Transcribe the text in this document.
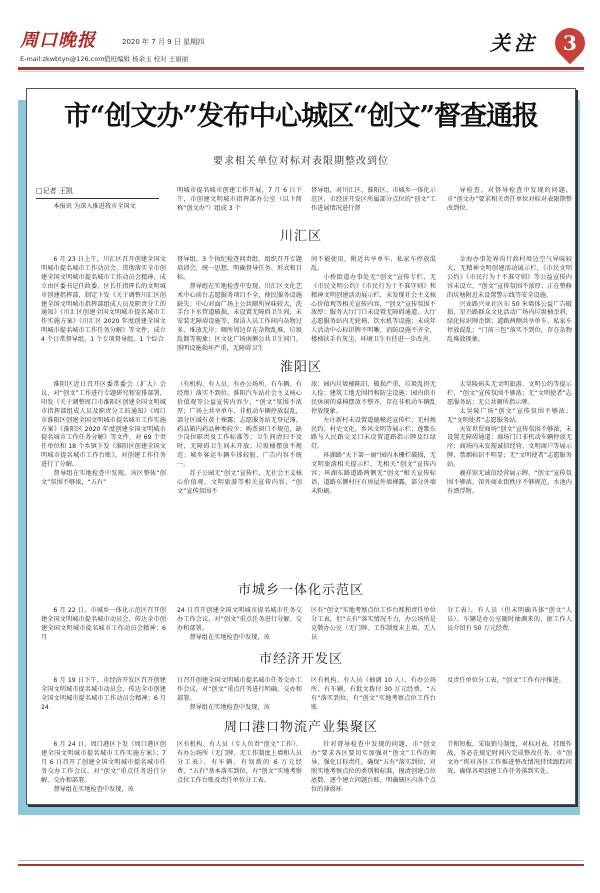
周口晚报	2020 年 7 月 9 日 星期四
E-mail:zkwbtyn@126.com 值班编辑 杨余玉 校对 王丽丽
关注	3
市“创文办”发布中心城区“创文”督查通报
要求相关单位对标对表限期整改到位
□记者 王凯

本报讯 为深入推进我市全国文

明城市提名城市创建工作开展，7 月 6 日下午，市创建文明城市指挥部办公室（以下简称“创文办”）组成 3 个

督导组，对川汇区、淮阳区、市城乡一体化示范区、市经济开发区所属部分点位的“创文”工作进展情况进行督

导检查。对督导检查中发现的问题，市“创文办”要求相关责任单位对标对表限期整改到位。

川汇区

6 月 23 日上午，川汇区召开创建全国文明城市提名城市工作动员会，贯彻落实全市创建全国文明城市提名城市工作动员会精神，成立由区委书记任政委、区长任指挥长的文明城市创建指挥部，制定下发《关于调整川汇区创建全国文明城市指挥部组成人员及职责分工的通知》《川汇区创建全国文明城市提名城市工作实施方案》《川汇区 2020 年度创建全国文明城市提名城市工作任务分解》等文件，成立 4 个日常督导组、1 个专项督导组、1 个综合

督导组、3 个执纪检查问责组，组织召开专题培训会，统一思想，明确督导任务、形式和目标。

督导组在实地检查中发现，川汇区文化艺术中心前台志愿服务项目不全，便民服务设施缺失；中心对面广场上公共厕所异味较大，洗手台下水管道破损，未设置无障碍卫生间，未安装无障碍设施等，保洁人员工作间内杂物过多、堆放无序；厕所周边存在杂物乱堆、垃圾乱倒等现象；区文化广场南侧公共卫生间门、照明设施损坏严重，无障碍卫生

间不能使用，附近共享单车、私家车停放混乱。

小桥街道办事处无“创文”宣传专栏，无《市民文明公约》《市民行为十不准守则》和精神文明创建活动展示栏，未发现社会主义核心价值观等相关宣传内容，“创文”宣传氛围不浓厚；服务大厅门口未设置无障碍通道，大厅志愿服务站内无轮椅、饮水机等设施；未成年人活动中心标识牌不明晰，消防设施不齐全，楼梯扶手有灰尘，环境卫生有待进一步改善。

金海办事处界沟行政村周边空气异味较大，无精神文明创建活动展示栏，《市民文明公约》《市民行为十不准守则》等公益宣传内容未设立，“创文”宣传氛围不浓厚；正在整修的坑塘附近未设置警示线等安全设施。

兴业路兴业社区东 50 米墙体公益广告破损，星兴路群众文化活动广场内垃圾桶歪斜，绿化标识牌歪倒；道路两侧共享单车、私家车停放混乱；“门前三包”落实不到位，存在杂物乱堆放现象。

淮阳区

淮阳区近日召开区委常委会（扩大）会议，对“创文”工作进行专题研究和安排部署，印发《关于调整周口市淮阳区创建全国文明城市指挥部组成人员及职责分工的通知》《周口市淮阳区创建全国文明城市提名城市工作实施方案》《淮阳区 2020 年度创建全国文明城市提名城市工作任务分解》等文件，对 69 个责任单位和 18 个乡镇下发《淮阳区创建全国文明城市提名城市工作台账》，对创建工作任务进行了分解。

督导组在实地检查中发现，该区整体“创文”氛围不够浓，“五有”

（有机构、有人员、有办公场所、有车辆、有经费）落实不到位。淮阳汽车站社会主义核心价值观等公益宣传内容少，“创文”氛围不浓厚；广场上共享单车、非机动车辆停放混乱，部分区域有黄土裸露；志愿服务站无登记簿，药品箱内药品种类较少；购票窗口不规范，缺少岗位职责及工作标准等；卫生间清扫不及时，无障碍卫生间未开放；垃圾桶摆放不规范；城乡客运车辆车体较脏，广告内容不统一。

苏子公园无“创文”宣传栏，无社会主义核心价值观、文明旅游等相关宣传内容，“创文”宣传氛围不

浓；园内垃圾桶陈旧，破损严重，垃圾乱扔无人捡；建筑工地无围挡和防尘设施；园内供市民休闲的桌椅摆放不整齐，存在非机动车辆乱停放现象。

左庄新村未设置道德模范宣传栏；无村规民约、村史文化、乡风文明等展示栏；莲歌东路与人民路交叉口未设置道路指示牌及红绿灯。

环湖路“天下第一丽”园内木栅栏破损，无文明旅游相关提示栏，无相关“创文”宣传内容；环湖东路道路两侧无“创文”相关宣传标语，道路东侧村庄有房屋外墙裸露，部分外墙未粉刷。

太昊陵码头无文明旅游、文明公约等提示栏，“创文”宣传氛围不够浓；无“文明使者”志愿服务站；无公共厕所指示牌。

太昊陵广场“创文”宣传氛围不够浓；无“文明使者”志愿服务站。

天安世贸商场“创文”宣传氛围不够浓，未设置无障碍通道；商场门口非机动车辆停放无序；商场内未发现诚信经营、文明商户等展示牌，禁烟标识不明显；无“文明使者”志愿服务站。

羲祥馆无诚信经营展示牌，“创文”宣传氛围不够浓，馆外商业街秩序不够规范，水池内有漂浮物。

市城乡一体化示范区

6 月 22 日，市城乡一体化示范区召开创建全国文明城市提名城市动员会，传达全市创建全国文明城市提名城市工作动员会精神；6 月

24 日召开创建全国文明城市提名城市任务交办工作会议，对“创文”重点任务进行分解、交办和部署。

督导组在实地检查中发现，该

区有“创文”实地考察点位工作台账和责任单位分工表，但“五有”落实情况不力，办公场所是克敬办公室（无门牌、工作制度未上墙、无人员

分工表），有人员（但未明确具体“创文”人员），车辆是办公室随时抽调来的，据工作人员介绍有 50 万元经费。

市经济开发区

6 月 19 日下午，市经济开发区召开创建全国文明城市提名城市动员会，传达全市创建全国文明城市提名城市工作动员会精神；6 月 24

日召开创建全国文明城市提名城市任务交办工作会议，对“创文”重点任务进行明确、交办和部署。

督导组在实地检查中发现，该

区有机构、有人员（抽调 10 人）、有办公场所、有车辆、有批文拨付 30 万元经费，“五有”落实到位，有“创文”实地考察点位工作台账

及责任单位分工表，“创文”工作有序推进。

周口港口物流产业集聚区

6 月 24 日，周口港区下发《周口港区创建全国文明城市提名城市工作实施方案》；7 月 6 日召开了创建全国文明城市提名城市任务交办工作会议，对“创文”重点任务进行分解、交办和部署。

督导组在实地检查中发现，该

区有机构、有人员（专人负责“创文”工作）、有办公场所（无门牌、无工作制度上墙和人员分工表）、有车辆、有划拨的 6 万元经费，“五有”基本落实到位，有“创文”实地考察点位工作台账及责任单位分工表。

针对督导检查中发现的问题，市“创文办”要求各区要切实加强对“创文”工作的领导，强化目标责任，确保“五有”落实到位，对照实地考察点位的类别和标准，摸清创建点位底数，逐个建立问题台账，明确辖区内各个点位的薄弱环

节和短板，采取销号制度，对标对表，挂图作战，务必在规定时间内完成整改任务。市“创文办”将对各区工作推进整改情况持续跟踪问效，确保各项创建工作任务落到实处。
